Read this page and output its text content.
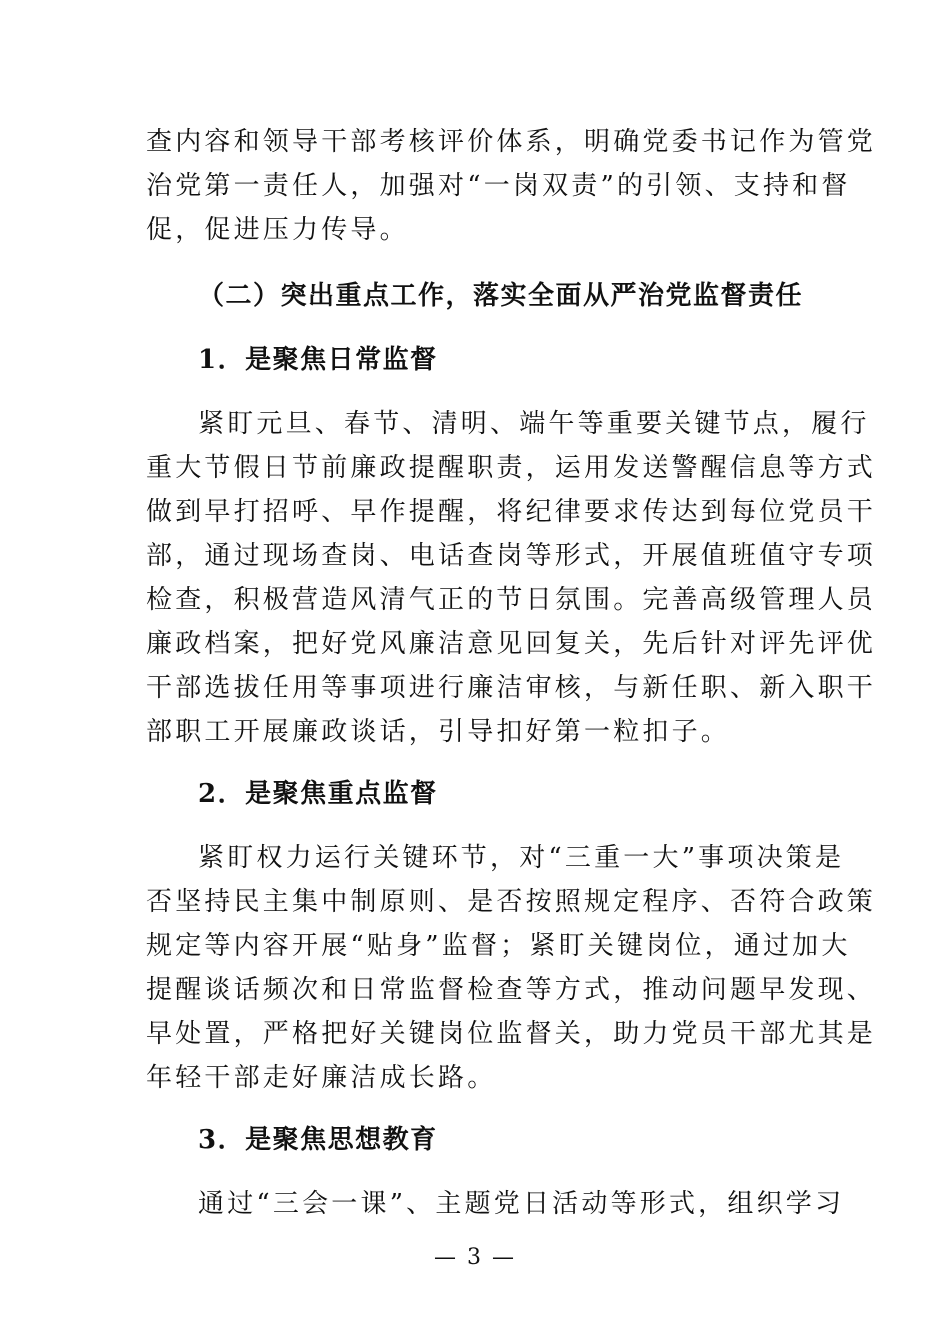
查内容和领导干部考核评价体系，明确党委书记作为管党
治党第一责任人，加强对“一岗双责”的引领、支持和督
促，促进压力传导。
（二）突出重点工作，落实全面从严治党监督责任
1．是聚焦日常监督
紧盯元旦、春节、清明、端午等重要关键节点，履行
重大节假日节前廉政提醒职责，运用发送警醒信息等方式
做到早打招呼、早作提醒，将纪律要求传达到每位党员干
部，通过现场查岗、电话查岗等形式，开展值班值守专项
检查，积极营造风清气正的节日氛围。完善高级管理人员
廉政档案，把好党风廉洁意见回复关，先后针对评先评优
干部选拔任用等事项进行廉洁审核，与新任职、新入职干
部职工开展廉政谈话，引导扣好第一粒扣子。
2．是聚焦重点监督
紧盯权力运行关键环节，对“三重一大”事项决策是
否坚持民主集中制原则、是否按照规定程序、否符合政策
规定等内容开展“贴身”监督；紧盯关键岗位，通过加大
提醒谈话频次和日常监督检查等方式，推动问题早发现、
早处置，严格把好关键岗位监督关，助力党员干部尤其是
年轻干部走好廉洁成长路。
3．是聚焦思想教育
通过“三会一课”、主题党日活动等形式，组织学习
— 3 —
